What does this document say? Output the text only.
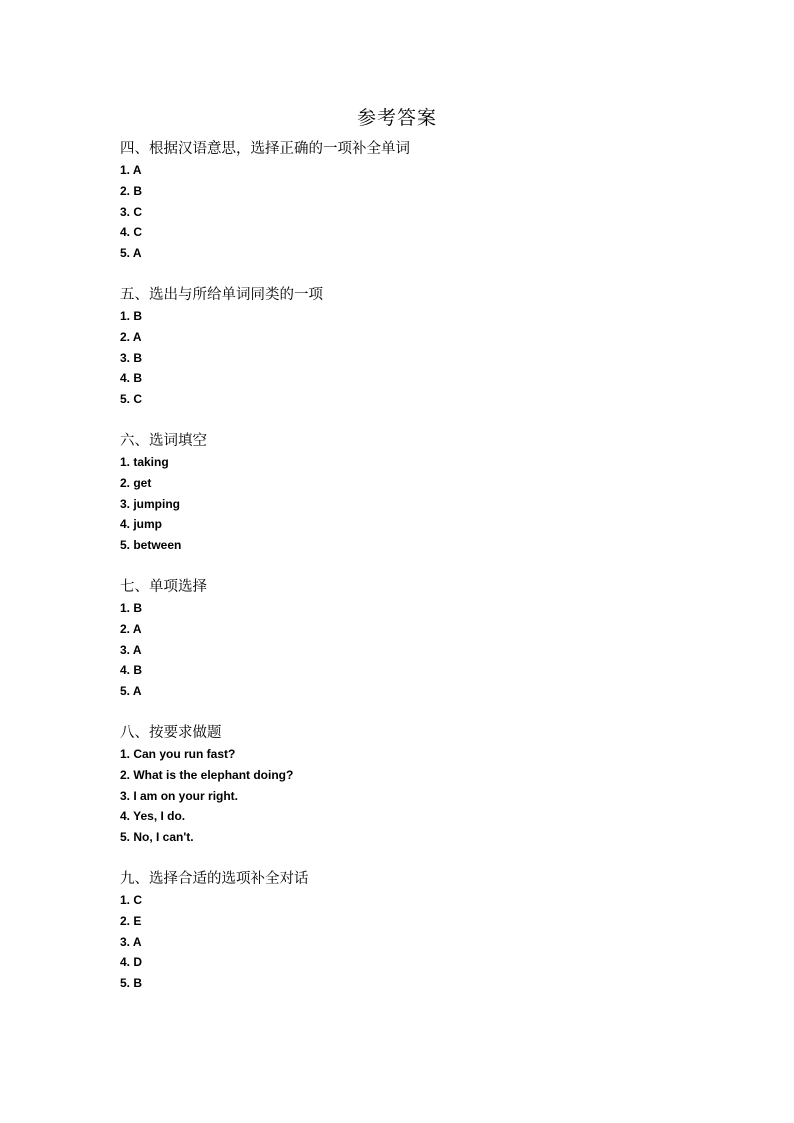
参考答案
四、根据汉语意思，选择正确的一项补全单词
1. A
2. B
3. C
4. C
5. A
五、选出与所给单词同类的一项
1. B
2. A
3. B
4. B
5. C
六、选词填空
1. taking
2. get
3. jumping
4. jump
5. between
七、单项选择
1. B
2. A
3. A
4. B
5. A
八、按要求做题
1. Can you run fast?
2. What is the elephant doing?
3. I am on your right.
4. Yes, I do.
5. No, I can't.
九、选择合适的选项补全对话
1. C
2. E
3. A
4. D
5. B
